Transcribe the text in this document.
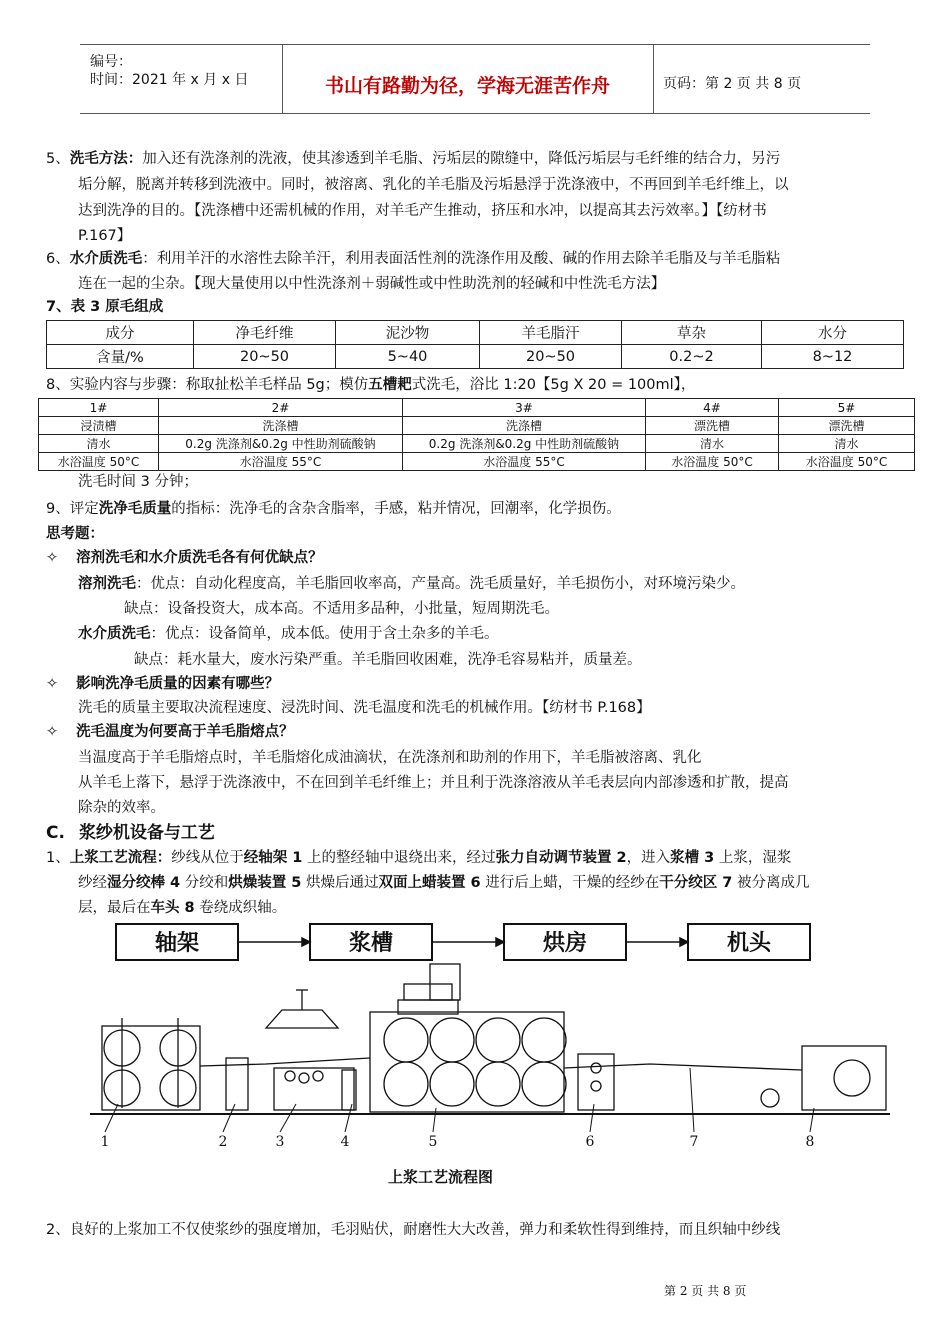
编号：
时间：2021 年 x 月 x 日	书山有路勤为径，学海无涯苦作舟	页码：第 2 页 共 8 页
5、洗毛方法：加入还有洗涤剂的洗液，使其渗透到羊毛脂、污垢层的隙缝中，降低污垢层与毛纤维的结合力，另污
垢分解，脱离并转移到洗液中。同时，被溶离、乳化的羊毛脂及污垢悬浮于洗涤液中，不再回到羊毛纤维上，以
达到洗净的目的。【洗涤槽中还需机械的作用，对羊毛产生推动，挤压和水冲，以提高其去污效率。】【纺材书
P.167】
6、水介质洗毛：利用羊汗的水溶性去除羊汗，利用表面活性剂的洗涤作用及酸、碱的作用去除羊毛脂及与羊毛脂粘
连在一起的尘杂。【现大量使用以中性洗涤剂＋弱碱性或中性助洗剂的轻碱和中性洗毛方法】
7、表 3 原毛组成
成分	净毛纤维	泥沙物	羊毛脂汗	草杂	水分
含量/%	20~50	5~40	20~50	0.2~2	8~12
8、实验内容与步骤：称取扯松羊毛样品 5g；模仿五槽耙式洗毛，浴比 1:20【5g X 20 = 100ml】，
1#	2#	3#	4#	5#
浸渍槽	洗涤槽	洗涤槽	漂洗槽	漂洗槽
清水	0.2g 洗涤剂&0.2g 中性助剂硫酸钠	0.2g 洗涤剂&0.2g 中性助剂硫酸钠	清水	清水
水浴温度 50°C	水浴温度 55°C	水浴温度 55°C	水浴温度 50°C	水浴温度 50°C
洗毛时间 3 分钟；
9、评定洗净毛质量的指标：洗净毛的含杂含脂率，手感，粘并情况，回潮率，化学损伤。
思考题：
✧ 溶剂洗毛和水介质洗毛各有何优缺点？
溶剂洗毛：优点：自动化程度高，羊毛脂回收率高，产量高。洗毛质量好，羊毛损伤小，对环境污染少。
缺点：设备投资大，成本高。不适用多品种，小批量，短周期洗毛。
水介质洗毛：优点：设备简单，成本低。使用于含土杂多的羊毛。
缺点：耗水量大，废水污染严重。羊毛脂回收困难，洗净毛容易粘并，质量差。
✧ 影响洗净毛质量的因素有哪些？
洗毛的质量主要取决流程速度、浸洗时间、洗毛温度和洗毛的机械作用。【纺材书 P.168】
✧ 洗毛温度为何要高于羊毛脂熔点？
当温度高于羊毛脂熔点时，羊毛脂熔化成油滴状，在洗涤剂和助剂的作用下，羊毛脂被溶离、乳化
从羊毛上落下，悬浮于洗涤液中，不在回到羊毛纤维上；并且利于洗涤溶液从羊毛表层向内部渗透和扩散，提高
除杂的效率。
C. 浆纱机设备与工艺
1、上浆工艺流程：纱线从位于经轴架 1 上的整经轴中退绕出来，经过张力自动调节装置 2，进入浆槽 3 上浆，湿浆
纱经湿分绞棒 4 分绞和烘燥装置 5 烘燥后通过双面上蜡装置 6 进行后上蜡，干燥的经纱在干分绞区 7 被分离成几
层，最后在车头 8 卷绕成织轴。
轴架	浆槽	烘房	机头
1	2	3	4	5	6	7	8
上浆工艺流程图
2、良好的上浆加工不仅使浆纱的强度增加，毛羽贴伏，耐磨性大大改善，弹力和柔软性得到维持，而且织轴中纱线
第 2 页 共 8 页
